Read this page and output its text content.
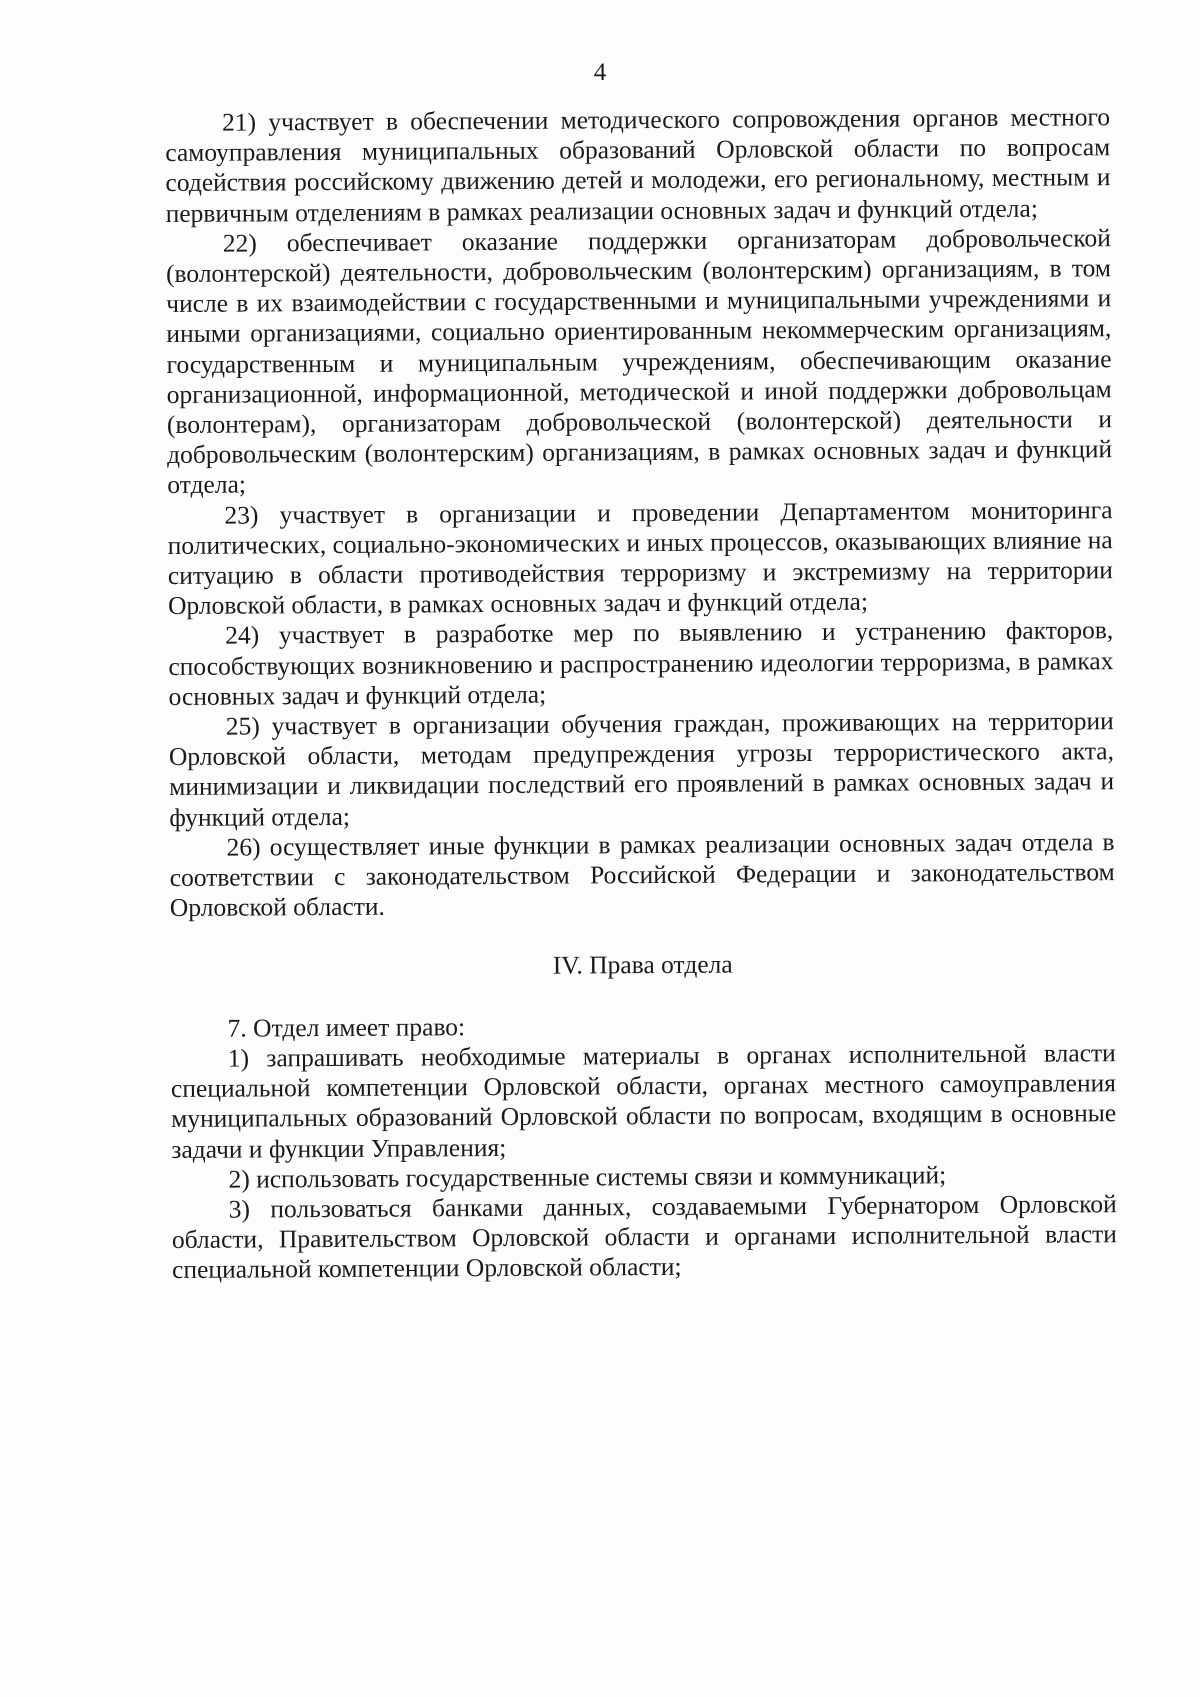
4

21) участвует в обеспечении методического сопровождения органов местного самоуправления муниципальных образований Орловской области по вопросам содействия российскому движению детей и молодежи, его региональному, местным и первичным отделениям в рамках реализации основных задач и функций отдела;

22) обеспечивает оказание поддержки организаторам добровольческой (волонтерской) деятельности, добровольческим (волонтерским) организациям, в том числе в их взаимодействии с государственными и муниципальными учреждениями и иными организациями, социально ориентированным некоммерческим организациям, государственным и муниципальным учреждениям, обеспечивающим оказание организационной, информационной, методической и иной поддержки добровольцам (волонтерам), организаторам добровольческой (волонтерской) деятельности и добровольческим (волонтерским) организациям, в рамках основных задач и функций отдела;

23) участвует в организации и проведении Департаментом мониторинга политических, социально-экономических и иных процессов, оказывающих влияние на ситуацию в области противодействия терроризму и экстремизму на территории Орловской области, в рамках основных задач и функций отдела;

24) участвует в разработке мер по выявлению и устранению факторов, способствующих возникновению и распространению идеологии терроризма, в рамках основных задач и функций отдела;

25) участвует в организации обучения граждан, проживающих на территории Орловской области, методам предупреждения угрозы террористического акта, минимизации и ликвидации последствий его проявлений в рамках основных задач и функций отдела;

26) осуществляет иные функции в рамках реализации основных задач отдела в соответствии с законодательством Российской Федерации и законодательством Орловской области.

IV. Права отдела

7. Отдел имеет право:

1) запрашивать необходимые материалы в органах исполнительной власти специальной компетенции Орловской области, органах местного самоуправления муниципальных образований Орловской области по вопросам, входящим в основные задачи и функции Управления;

2) использовать государственные системы связи и коммуникаций;

3) пользоваться банками данных, создаваемыми Губернатором Орловской области, Правительством Орловской области и органами исполнительной власти специальной компетенции Орловской области;
